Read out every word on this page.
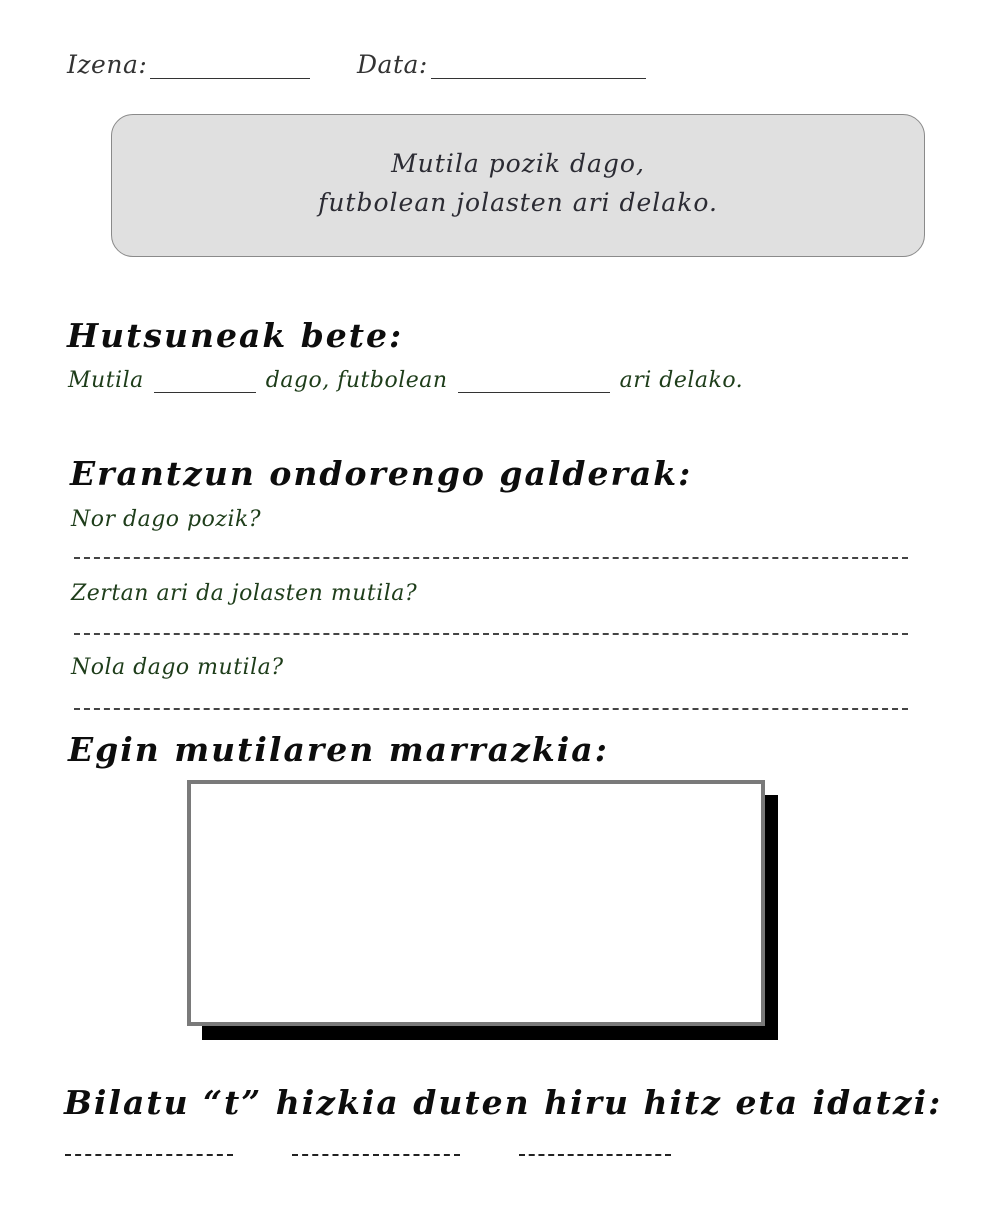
Izena:	Data:
Mutila pozik dago,
futbolean jolasten ari delako.
Hutsuneak bete:
Mutila	dago, futbolean	ari delako.
Erantzun ondorengo galderak:
Nor dago pozik?
Zertan ari da jolasten mutila?
Nola dago mutila?
Egin mutilaren marrazkia:
Bilatu “t” hizkia duten hiru hitz eta idatzi:
